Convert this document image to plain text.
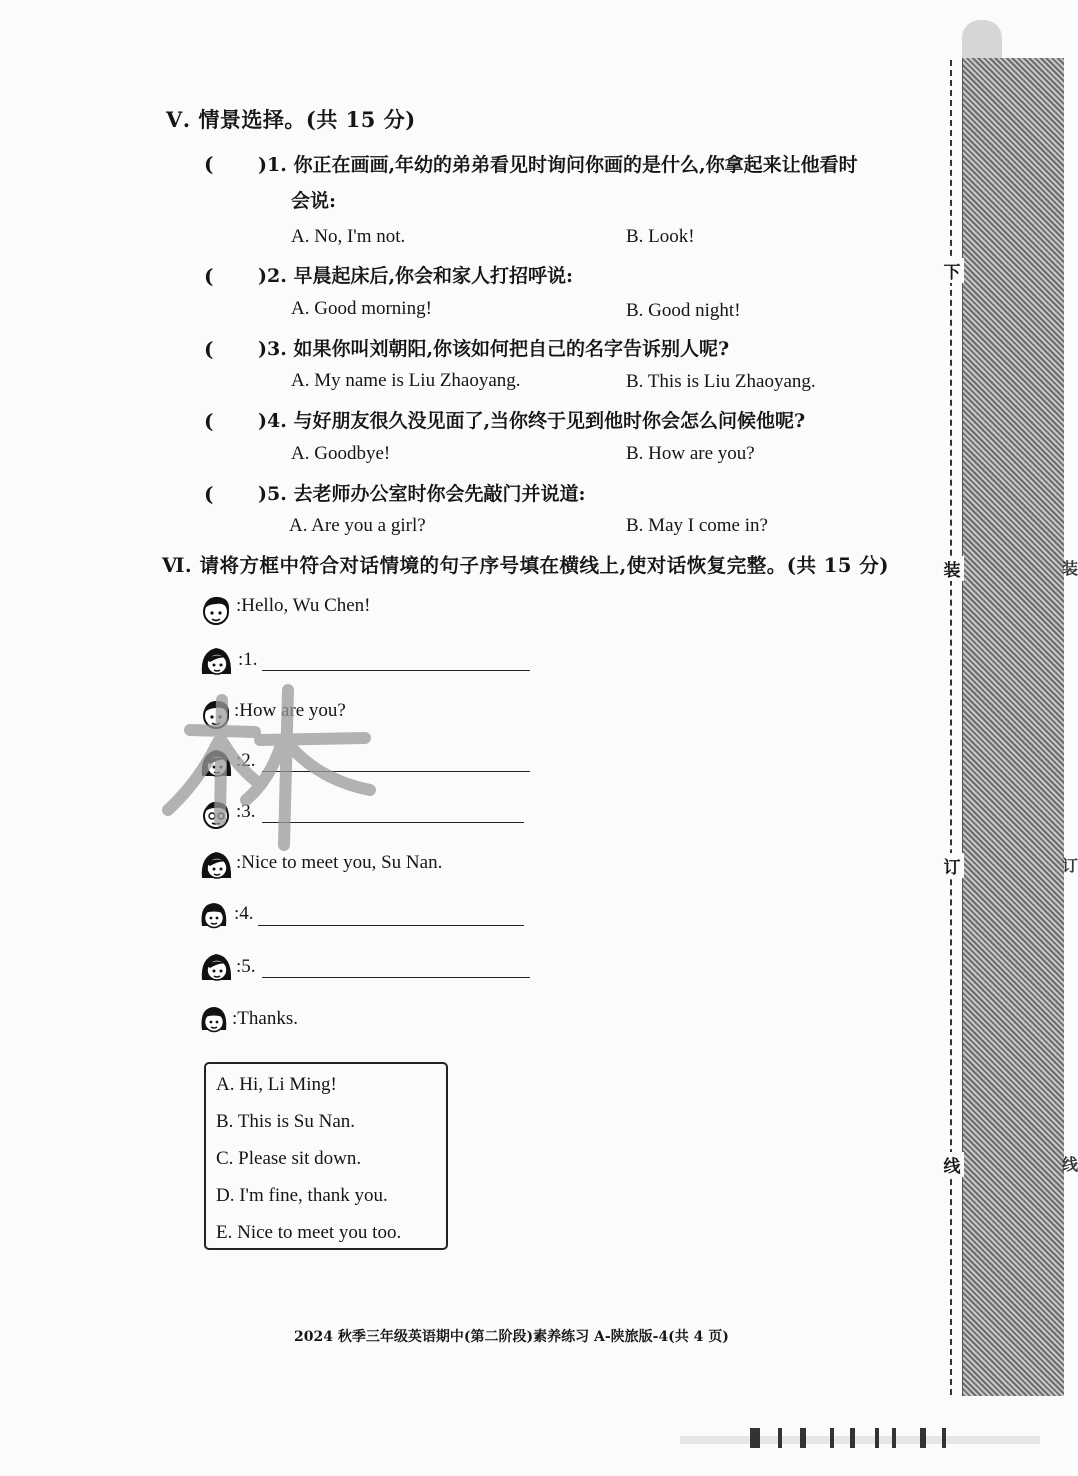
Ⅴ. 情景选择。(共 15 分)
( )1. 你正在画画,年幼的弟弟看见时询问你画的是什么,你拿起来让他看时
会说:
A. No, I'm not.	B. Look!
( )2. 早晨起床后,你会和家人打招呼说:
A. Good morning!	B. Good night!
( )3. 如果你叫刘朝阳,你该如何把自己的名字告诉别人呢?
A. My name is Liu Zhaoyang.	B. This is Liu Zhaoyang.
( )4. 与好朋友很久没见面了,当你终于见到他时你会怎么问候他呢?
A. Goodbye!	B. How are you?
( )5. 去老师办公室时你会先敲门并说道:
A. Are you a girl?	B. May I come in?
Ⅵ. 请将方框中符合对话情境的句子序号填在横线上,使对话恢复完整。(共 15 分)
:Hello, Wu Chen!
:1.
:How are you?
:2.
:3.
:Nice to meet you, Su Nan.
:4.
:5.
:Thanks.
A. Hi, Li Ming!
B. This is Su Nan.
C. Please sit down.
D. I'm fine, thank you.
E. Nice to meet you too.
2024 秋季三年级英语期中(第二阶段)素养练习 A-陕旅版-4(共 4 页)
下
装
订
线
装
订
线
